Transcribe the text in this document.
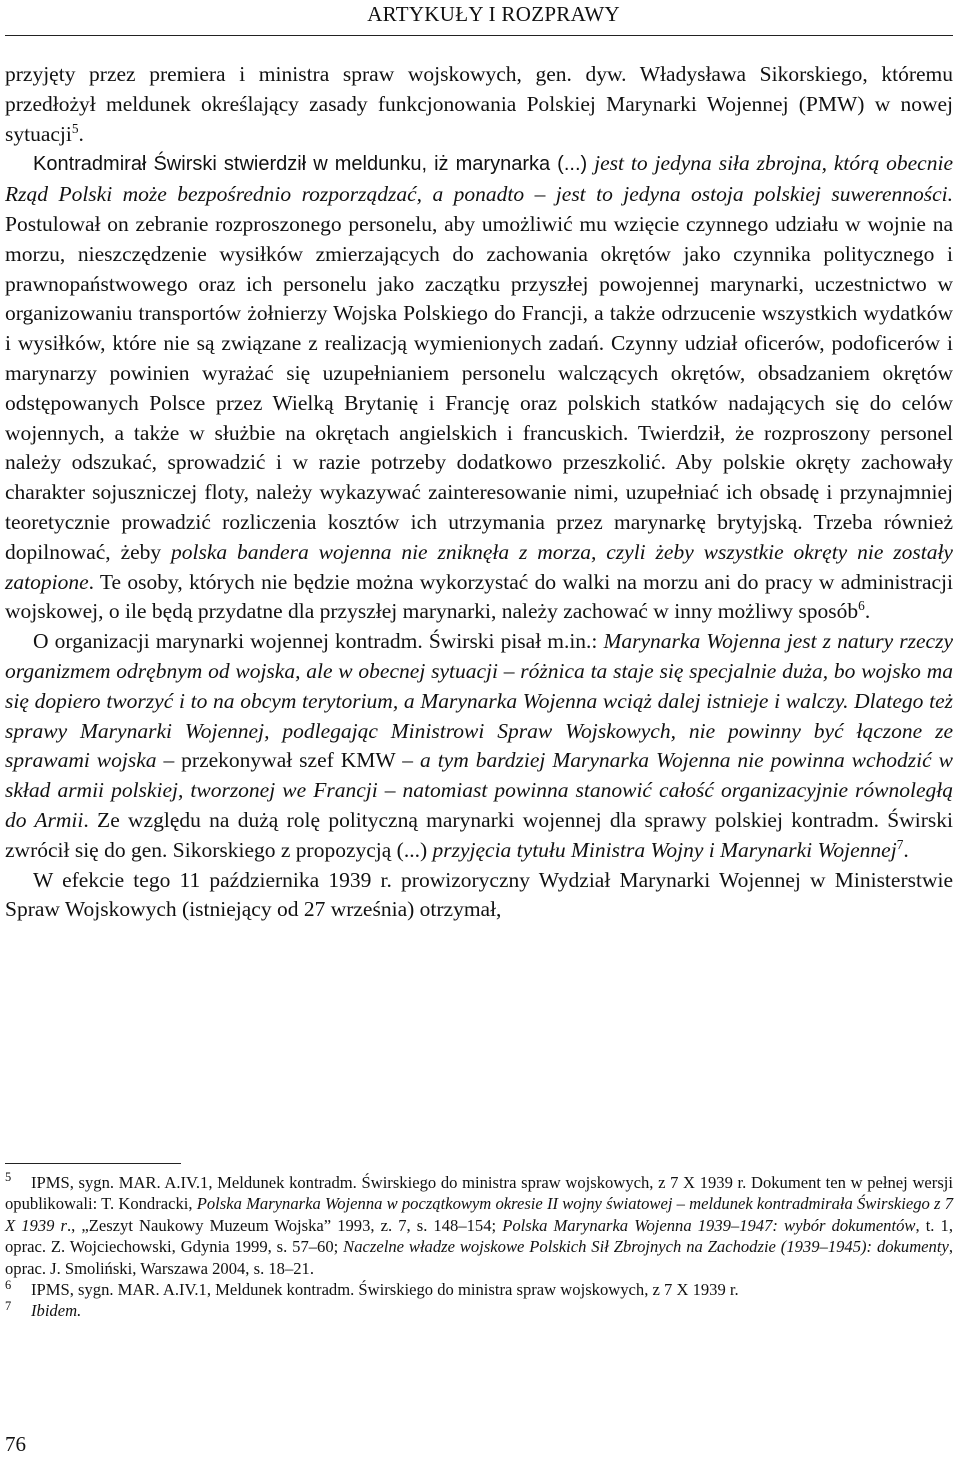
ARTYKUŁY I ROZPRAWY

przyjęty przez premiera i ministra spraw wojskowych, gen. dyw. Władysława Sikorskiego, któremu przedłożył meldunek określający zasady funkcjonowania Polskiej Marynarki Wojennej (PMW) w nowej sytuacji$^5$.

Kontradmirał Świrski stwierdził w meldunku, iż marynarka (...) jest to jedyna siła zbrojna, którą obecnie Rząd Polski może bezpośrednio rozporządzać, a ponadto – jest to jedyna ostoja polskiej suwerenności. Postulował on zebranie rozproszonego personelu, aby umożliwić mu wzięcie czynnego udziału w wojnie na morzu, nieszczędzenie wysiłków zmierzających do zachowania okrętów jako czynnika politycznego i prawnopaństwowego oraz ich personelu jako zaczątku przyszłej powojennej marynarki, uczestnictwo w organizowaniu transportów żołnierzy Wojska Polskiego do Francji, a także odrzucenie wszystkich wydatków i wysiłków, które nie są związane z realizacją wymienionych zadań. Czynny udział oficerów, podoficerów i marynarzy powinien wyrażać się uzupełnianiem personelu walczących okrętów, obsadzaniem okrętów odstępowanych Polsce przez Wielką Brytanię i Francję oraz polskich statków nadających się do celów wojennych, a także w służbie na okrętach angielskich i francuskich. Twierdził, że rozproszony personel należy odszukać, sprowadzić i w razie potrzeby dodatkowo przeszkolić. Aby polskie okręty zachowały charakter sojuszniczej floty, należy wykazywać zainteresowanie nimi, uzupełniać ich obsadę i przynajmniej teoretycznie prowadzić rozliczenia kosztów ich utrzymania przez marynarkę brytyjską. Trzeba również dopilnować, żeby polska bandera wojenna nie zniknęła z morza, czyli żeby wszystkie okręty nie zostały zatopione. Te osoby, których nie będzie można wykorzystać do walki na morzu ani do pracy w administracji wojskowej, o ile będą przydatne dla przyszłej marynarki, należy zachować w inny możliwy sposób$^6$.

O organizacji marynarki wojennej kontradm. Świrski pisał m.in.: Marynarka Wojenna jest z natury rzeczy organizmem odrębnym od wojska, ale w obecnej sytuacji – różnica ta staje się specjalnie duża, bo wojsko ma się dopiero tworzyć i to na obcym terytorium, a Marynarka Wojenna wciąż dalej istnieje i walczy. Dlatego też sprawy Marynarki Wojennej, podlegając Ministrowi Spraw Wojskowych, nie powinny być łączone ze sprawami wojska – przekonywał szef KMW – a tym bardziej Marynarka Wojenna nie powinna wchodzić w skład armii polskiej, tworzonej we Francji – natomiast powinna stanowić całość organizacyjnie równoległą do Armii. Ze względu na dużą rolę polityczną marynarki wojennej dla sprawy polskiej kontradm. Świrski zwrócił się do gen. Sikorskiego z propozycją (...) przyjęcia tytułu Ministra Wojny i Marynarki Wojennej$^7$.

W efekcie tego 11 października 1939 r. prowizoryczny Wydział Marynarki Wojennej w Ministerstwie Spraw Wojskowych (istniejący od 27 września) otrzymał,

5 IPMS, sygn. MAR. A.IV.1, Meldunek kontradm. Świrskiego do ministra spraw wojskowych, z 7 X 1939 r. Dokument ten w pełnej wersji opublikowali: T. Kondracki, Polska Marynarka Wojenna w początkowym okresie II wojny światowej – meldunek kontradmirała Świrskiego z 7 X 1939 r., „Zeszyt Naukowy Muzeum Wojska” 1993, z. 7, s. 148–154; Polska Marynarka Wojenna 1939–1947: wybór dokumentów, t. 1, oprac. Z. Wojciechowski, Gdynia 1999, s. 57–60; Naczelne władze wojskowe Polskich Sił Zbrojnych na Zachodzie (1939–1945): dokumenty, oprac. J. Smoliński, Warszawa 2004, s. 18–21.

6 IPMS, sygn. MAR. A.IV.1, Meldunek kontradm. Świrskiego do ministra spraw wojskowych, z 7 X 1939 r.

7 Ibidem.

76
